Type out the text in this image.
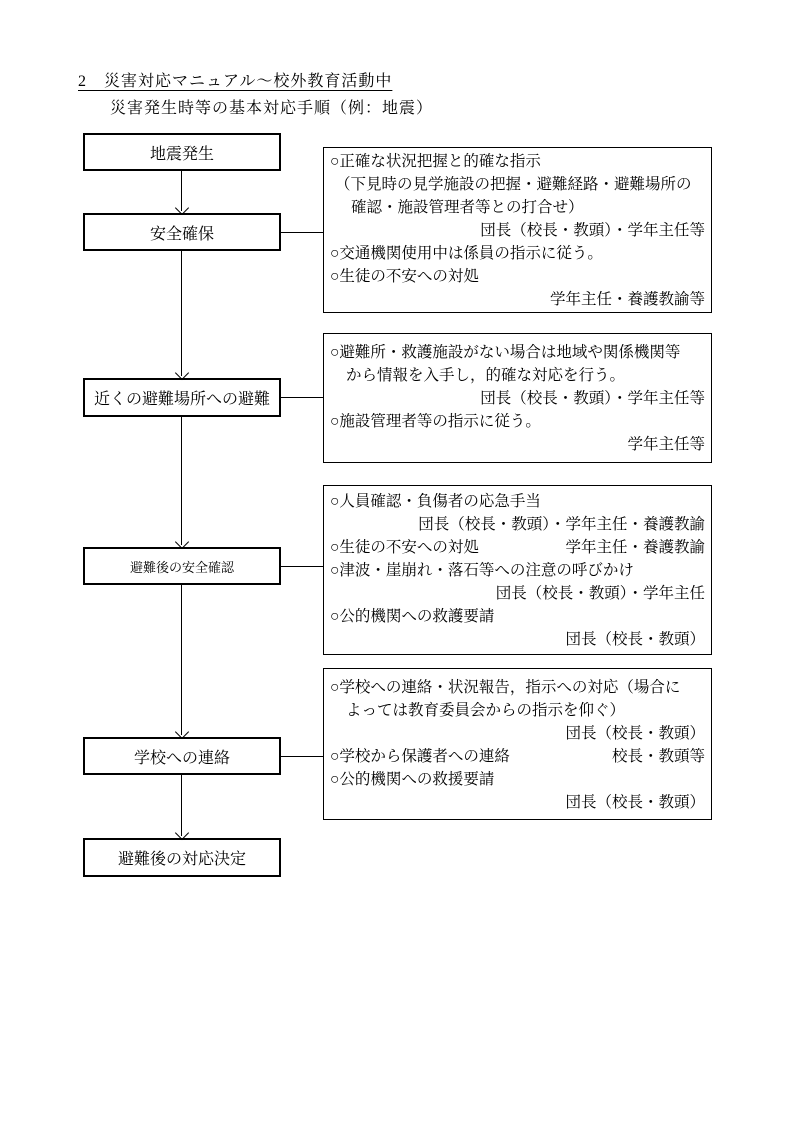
2　災害対応マニュアル～校外教育活動中
災害発生時等の基本対応手順（例：地震）
地震発生
安全確保
近くの避難場所への避難
避難後の安全確認
学校への連絡
避難後の対応決定
○正確な状況把握と的確な指示
（下見時の見学施設の把握・避難経路・避難場所の
確認・施設管理者等との打合せ）
団長（校長・教頭）・学年主任等
○交通機関使用中は係員の指示に従う。
○生徒の不安への対処
学年主任・養護教諭等
○避難所・救護施設がない場合は地域や関係機関等
から情報を入手し，的確な対応を行う。
団長（校長・教頭）・学年主任等
○施設管理者等の指示に従う。
学年主任等
○人員確認・負傷者の応急手当
団長（校長・教頭）・学年主任・養護教諭
○生徒の不安への対処	学年主任・養護教諭
○津波・崖崩れ・落石等への注意の呼びかけ
団長（校長・教頭）・学年主任
○公的機関への救護要請
団長（校長・教頭）
○学校への連絡・状況報告，指示への対応（場合に
よっては教育委員会からの指示を仰ぐ）
団長（校長・教頭）
○学校から保護者への連絡	校長・教頭等
○公的機関への救援要請
団長（校長・教頭）
